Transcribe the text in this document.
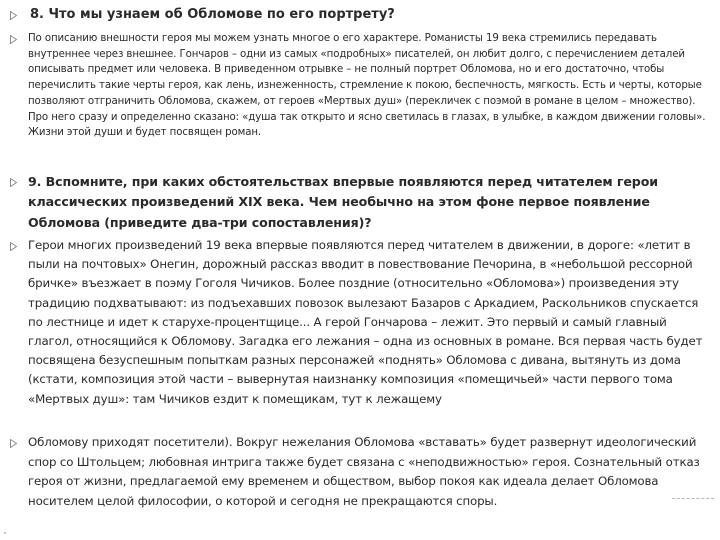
8. Что мы узнаем об Обломове по его портрету?
По описанию внешности героя мы можем узнать многое о его характере. Романисты 19 века стремились передавать внутреннее через внешнее. Гончаров – одни из самых «подробных» писателей, он любит долго, с перечислением деталей описывать предмет или человека. В приведенном отрывке – не полный портрет Обломова, но и его достаточно, чтобы перечислить такие черты героя, как лень, изнеженность, стремление к покою, беспечность, мягкость. Есть и черты, которые позволяют отграничить Обломова, скажем, от героев «Мертвых душ» (перекличек с поэмой в романе в целом – множество). Про него сразу и определенно сказано: «душа так открыто и ясно светилась в глазах, в улыбке, в каждом движении головы». Жизни этой души и будет посвящен роман.
9. Вспомните, при каких обстоятельствах впервые появляются перед читателем герои классических произведений XIX века. Чем необычно на этом фоне первое появление Обломова (приведите два-три сопоставления)?
Герои многих произведений 19 века впервые появляются перед читателем в движении, в дороге: «летит в пыли на почтовых» Онегин, дорожный рассказ вводит в повествование Печорина, в «небольшой рессорной бричке» въезжает в поэму Гоголя Чичиков. Более поздние (относительно «Обломова») произведения эту традицию подхватывают: из подъехавших повозок вылезают Базаров с Аркадием, Раскольников спускается по лестнице и идет к старухе-процентщице... А герой Гончарова – лежит. Это первый и самый главный глагол, относящийся к Обломову. Загадка его лежания – одна из основных в романе. Вся первая часть будет посвящена безуспешным попыткам разных персонажей «поднять» Обломова с дивана, вытянуть из дома (кстати, композиция этой части – вывернутая наизнанку композиция «помещичьей» части первого тома «Мертвых душ»: там Чичиков ездит к помещикам, тут к лежащему
Обломову приходят посетители). Вокруг нежелания Обломова «вставать» будет развернут идеологический спор со Штольцем; любовная интрига также будет связана с «неподвижностью» героя. Сознательный отказ героя от жизни, предлагаемой ему временем и обществом, выбор покоя как идеала делает Обломова носителем целой философии, о которой и сегодня не прекращаются споры.
